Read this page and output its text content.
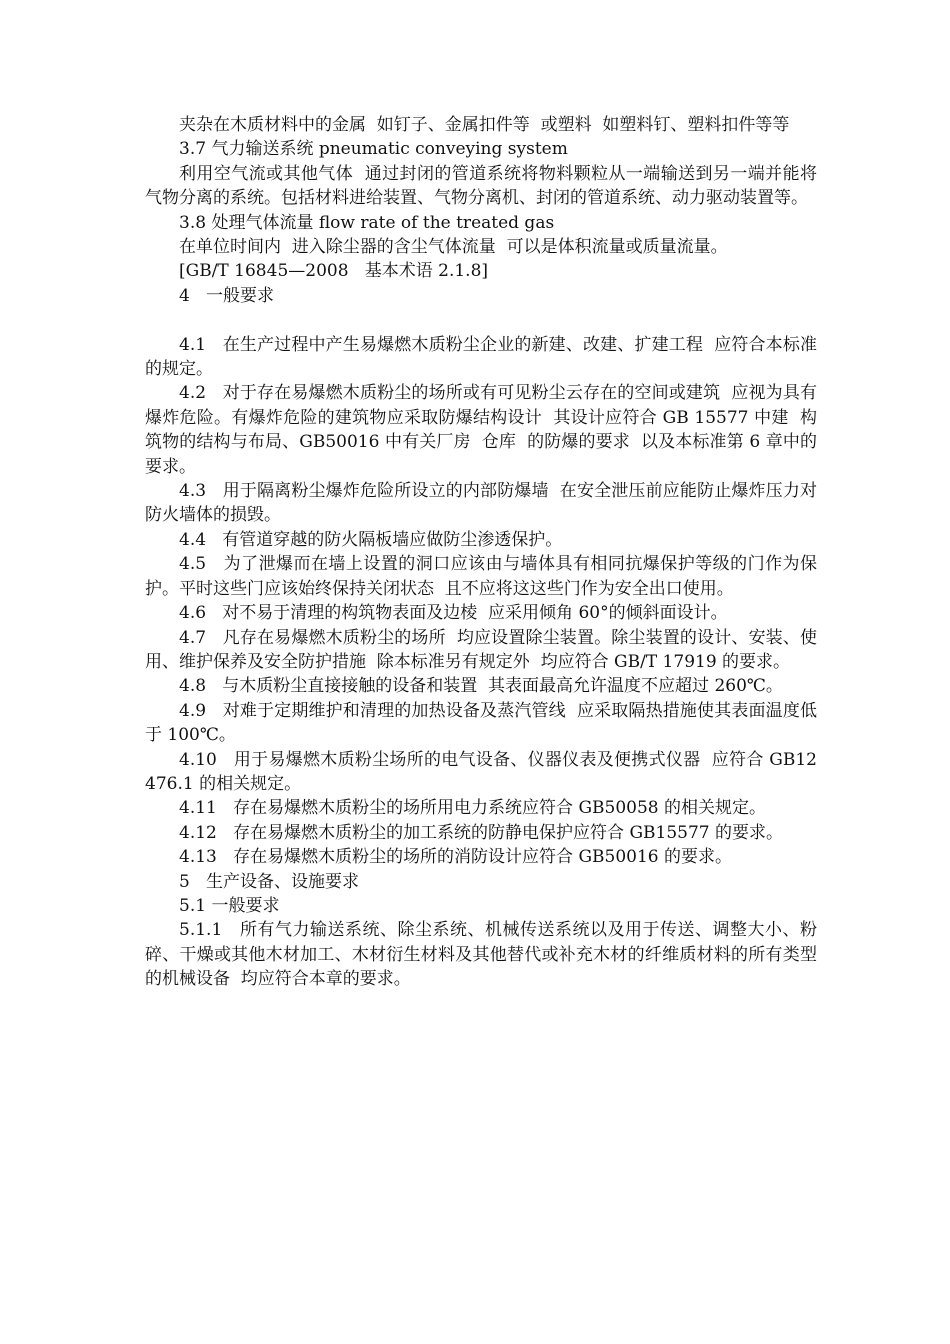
夹杂在木质材料中的金属  如钉子、金属扣件等  或塑料  如塑料钉、塑料扣件等等

3.7 气力输送系统 pneumatic conveying system

利用空气流或其他气体  通过封闭的管道系统将物料颗粒从一端输送到另一端并能将气物分离的系统。包括材料进给装置、气物分离机、封闭的管道系统、动力驱动装置等。

3.8 处理气体流量 flow rate of the treated gas

在单位时间内  进入除尘器的含尘气体流量  可以是体积流量或质量流量。

[GB/T 16845—2008   基本术语 2.1.8]

4   一般要求

4.1   在生产过程中产生易爆燃木质粉尘企业的新建、改建、扩建工程  应符合本标准的规定。

4.2   对于存在易爆燃木质粉尘的场所或有可见粉尘云存在的空间或建筑  应视为具有爆炸危险。有爆炸危险的建筑物应采取防爆结构设计  其设计应符合 GB 15577 中建  构  筑物的结构与布局、GB50016 中有关厂房  仓库  的防爆的要求  以及本标准第 6 章中的要求。

4.3   用于隔离粉尘爆炸危险所设立的内部防爆墙  在安全泄压前应能防止爆炸压力对防火墙体的损毁。

4.4   有管道穿越的防火隔板墙应做防尘渗透保护。

4.5   为了泄爆而在墙上设置的洞口应该由与墙体具有相同抗爆保护等级的门作为保护。平时这些门应该始终保持关闭状态  且不应将这这些门作为安全出口使用。

4.6   对不易于清理的构筑物表面及边棱  应采用倾角 60°的倾斜面设计。

4.7   凡存在易爆燃木质粉尘的场所  均应设置除尘装置。除尘装置的设计、安装、使用、维护保养及安全防护措施  除本标准另有规定外  均应符合 GB/T 17919 的要求。

4.8   与木质粉尘直接接触的设备和装置  其表面最高允许温度不应超过 260℃。

4.9   对难于定期维护和清理的加热设备及蒸汽管线  应采取隔热措施使其表面温度低于 100℃。

4.10   用于易爆燃木质粉尘场所的电气设备、仪器仪表及便携式仪器  应符合 GB12476.1 的相关规定。

4.11   存在易爆燃木质粉尘的场所用电力系统应符合 GB50058 的相关规定。

4.12   存在易爆燃木质粉尘的加工系统的防静电保护应符合 GB15577 的要求。

4.13   存在易爆燃木质粉尘的场所的消防设计应符合 GB50016 的要求。

5   生产设备、设施要求

5.1 一般要求

5.1.1   所有气力输送系统、除尘系统、机械传送系统以及用于传送、调整大小、粉碎、干燥或其他木材加工、木材衍生材料及其他替代或补充木材的纤维质材料的所有类型的机械设备  均应符合本章的要求。
